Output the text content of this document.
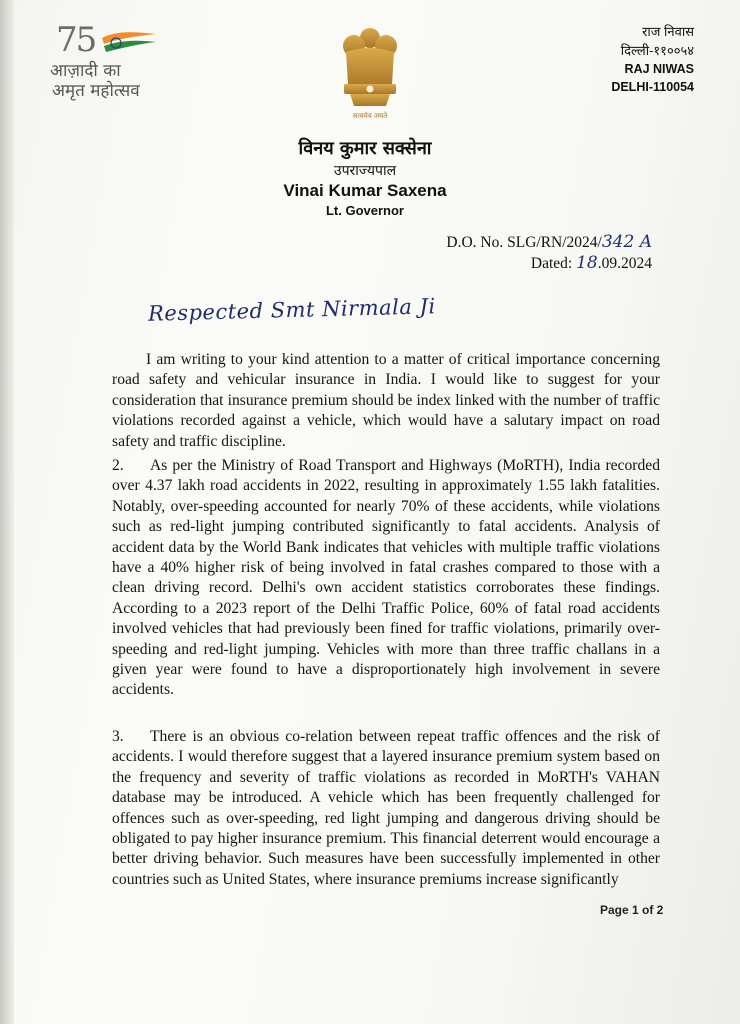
75
आज़ादी का
अमृत महोत्सव
सत्यमेव जयते
राज निवास
दिल्ली-११००५४
RAJ NIWAS
DELHI-110054
विनय कुमार सक्सेना
उपराज्यपाल
Vinai Kumar Saxena
Lt. Governor
D.O. No. SLG/RN/2024/342 A
Dated: 18.09.2024
Respected Smt Nirmala Ji
I am writing to your kind attention to a matter of critical importance concerning road safety and vehicular insurance in India. I would like to suggest for your consideration that insurance premium should be index linked with the number of traffic violations recorded against a vehicle, which would have a salutary impact on road safety and traffic discipline.
2. As per the Ministry of Road Transport and Highways (MoRTH), India recorded over 4.37 lakh road accidents in 2022, resulting in approximately 1.55 lakh fatalities. Notably, over-speeding accounted for nearly 70% of these accidents, while violations such as red-light jumping contributed significantly to fatal accidents. Analysis of accident data by the World Bank indicates that vehicles with multiple traffic violations have a 40% higher risk of being involved in fatal crashes compared to those with a clean driving record. Delhi's own accident statistics corroborates these findings. According to a 2023 report of the Delhi Traffic Police, 60% of fatal road accidents involved vehicles that had previously been fined for traffic violations, primarily over-speeding and red-light jumping. Vehicles with more than three traffic challans in a given year were found to have a disproportionately high involvement in severe accidents.
3. There is an obvious co-relation between repeat traffic offences and the risk of accidents. I would therefore suggest that a layered insurance premium system based on the frequency and severity of traffic violations as recorded in MoRTH's VAHAN database may be introduced. A vehicle which has been frequently challenged for offences such as over-speeding, red light jumping and dangerous driving should be obligated to pay higher insurance premium. This financial deterrent would encourage a better driving behavior. Such measures have been successfully implemented in other countries such as United States, where insurance premiums increase significantly
Page 1 of 2
